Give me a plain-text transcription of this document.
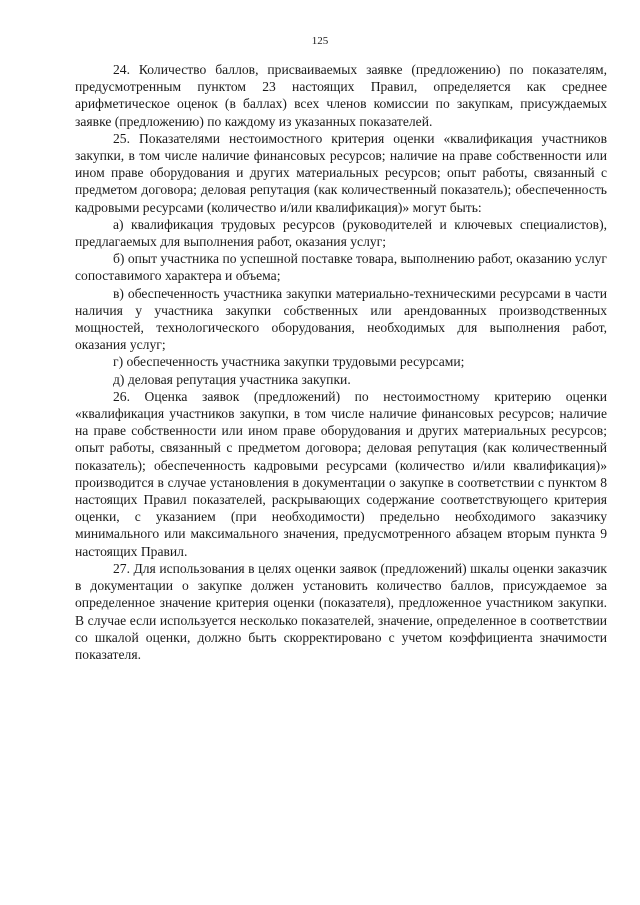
125

24. Количество баллов, присваиваемых заявке (предложению) по показателям, предусмотренным пунктом 23 настоящих Правил, определяется как среднее арифметическое оценок (в баллах) всех членов комиссии по закупкам, присуждаемых заявке (предложению) по каждому из указанных показателей.

25. Показателями нестоимостного критерия оценки «квалификация участников закупки, в том числе наличие финансовых ресурсов; наличие на праве собственности или ином праве оборудования и других материальных ресурсов; опыт работы, связанный с предметом договора; деловая репутация (как количественный показатель); обеспеченность кадровыми ресурсами (количество и/или квалификация)» могут быть:

а) квалификация трудовых ресурсов (руководителей и ключевых специалистов), предлагаемых для выполнения работ, оказания услуг;

б) опыт участника по успешной поставке товара, выполнению работ, оказанию услуг сопоставимого характера и объема;

в) обеспеченность участника закупки материально-техническими ресурсами в части наличия у участника закупки собственных или арендованных производственных мощностей, технологического оборудования, необходимых для выполнения работ, оказания услуг;

г) обеспеченность участника закупки трудовыми ресурсами;

д) деловая репутация участника закупки.

26. Оценка заявок (предложений) по нестоимостному критерию оценки «квалификация участников закупки, в том числе наличие финансовых ресурсов; наличие на праве собственности или ином праве оборудования и других материальных ресурсов; опыт работы, связанный с предметом договора; деловая репутация (как количественный показатель); обеспеченность кадровыми ресурсами (количество и/или квалификация)» производится в случае установления в документации о закупке в соответствии с пунктом 8 настоящих Правил показателей, раскрывающих содержание соответствующего критерия оценки, с указанием (при необходимости) предельно необходимого заказчику минимального или максимального значения, предусмотренного абзацем вторым пункта 9 настоящих Правил.

27. Для использования в целях оценки заявок (предложений) шкалы оценки заказчик в документации о закупке должен установить количество баллов, присуждаемое за определенное значение критерия оценки (показателя), предложенное участником закупки. В случае если используется несколько показателей, значение, определенное в соответствии со шкалой оценки, должно быть скорректировано с учетом коэффициента значимости показателя.
